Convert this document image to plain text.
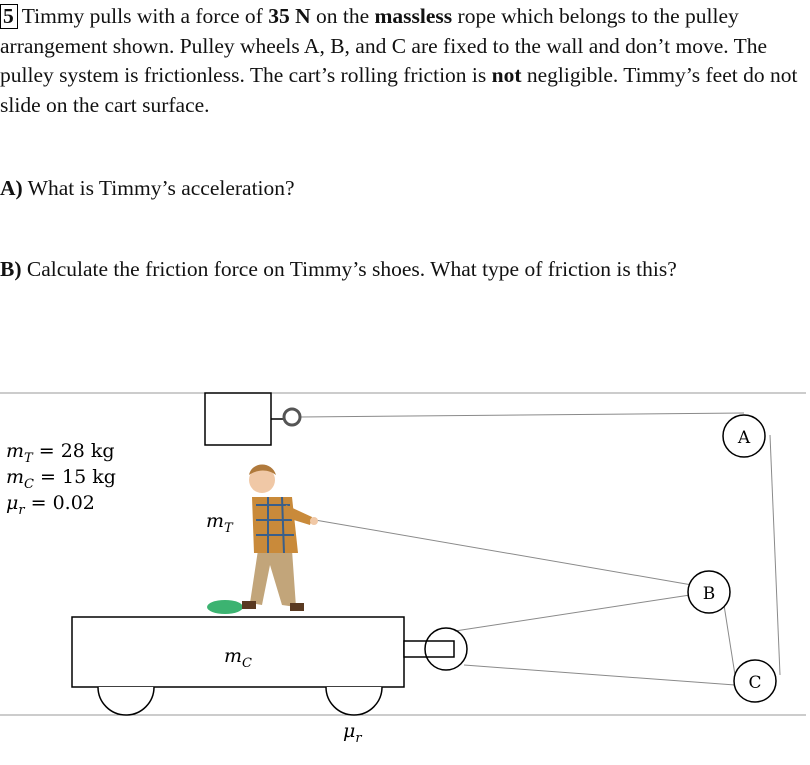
5 Timmy pulls with a force of 35 N on the massless rope which belongs to the pulley arrangement shown. Pulley wheels A, B, and C are fixed to the wall and don’t move. The pulley system is frictionless. The cart’s rolling friction is not negligible. Timmy’s feet do not slide on the cart surface.
A) What is Timmy’s acceleration?
B) Calculate the friction force on Timmy’s shoes. What type of friction is this?
A
B
C
$m_T = 28$ kg
$m_C = 15$ kg
$\mu_r = 0.02$
$m_T$
$m_C$
$\mu_r$
